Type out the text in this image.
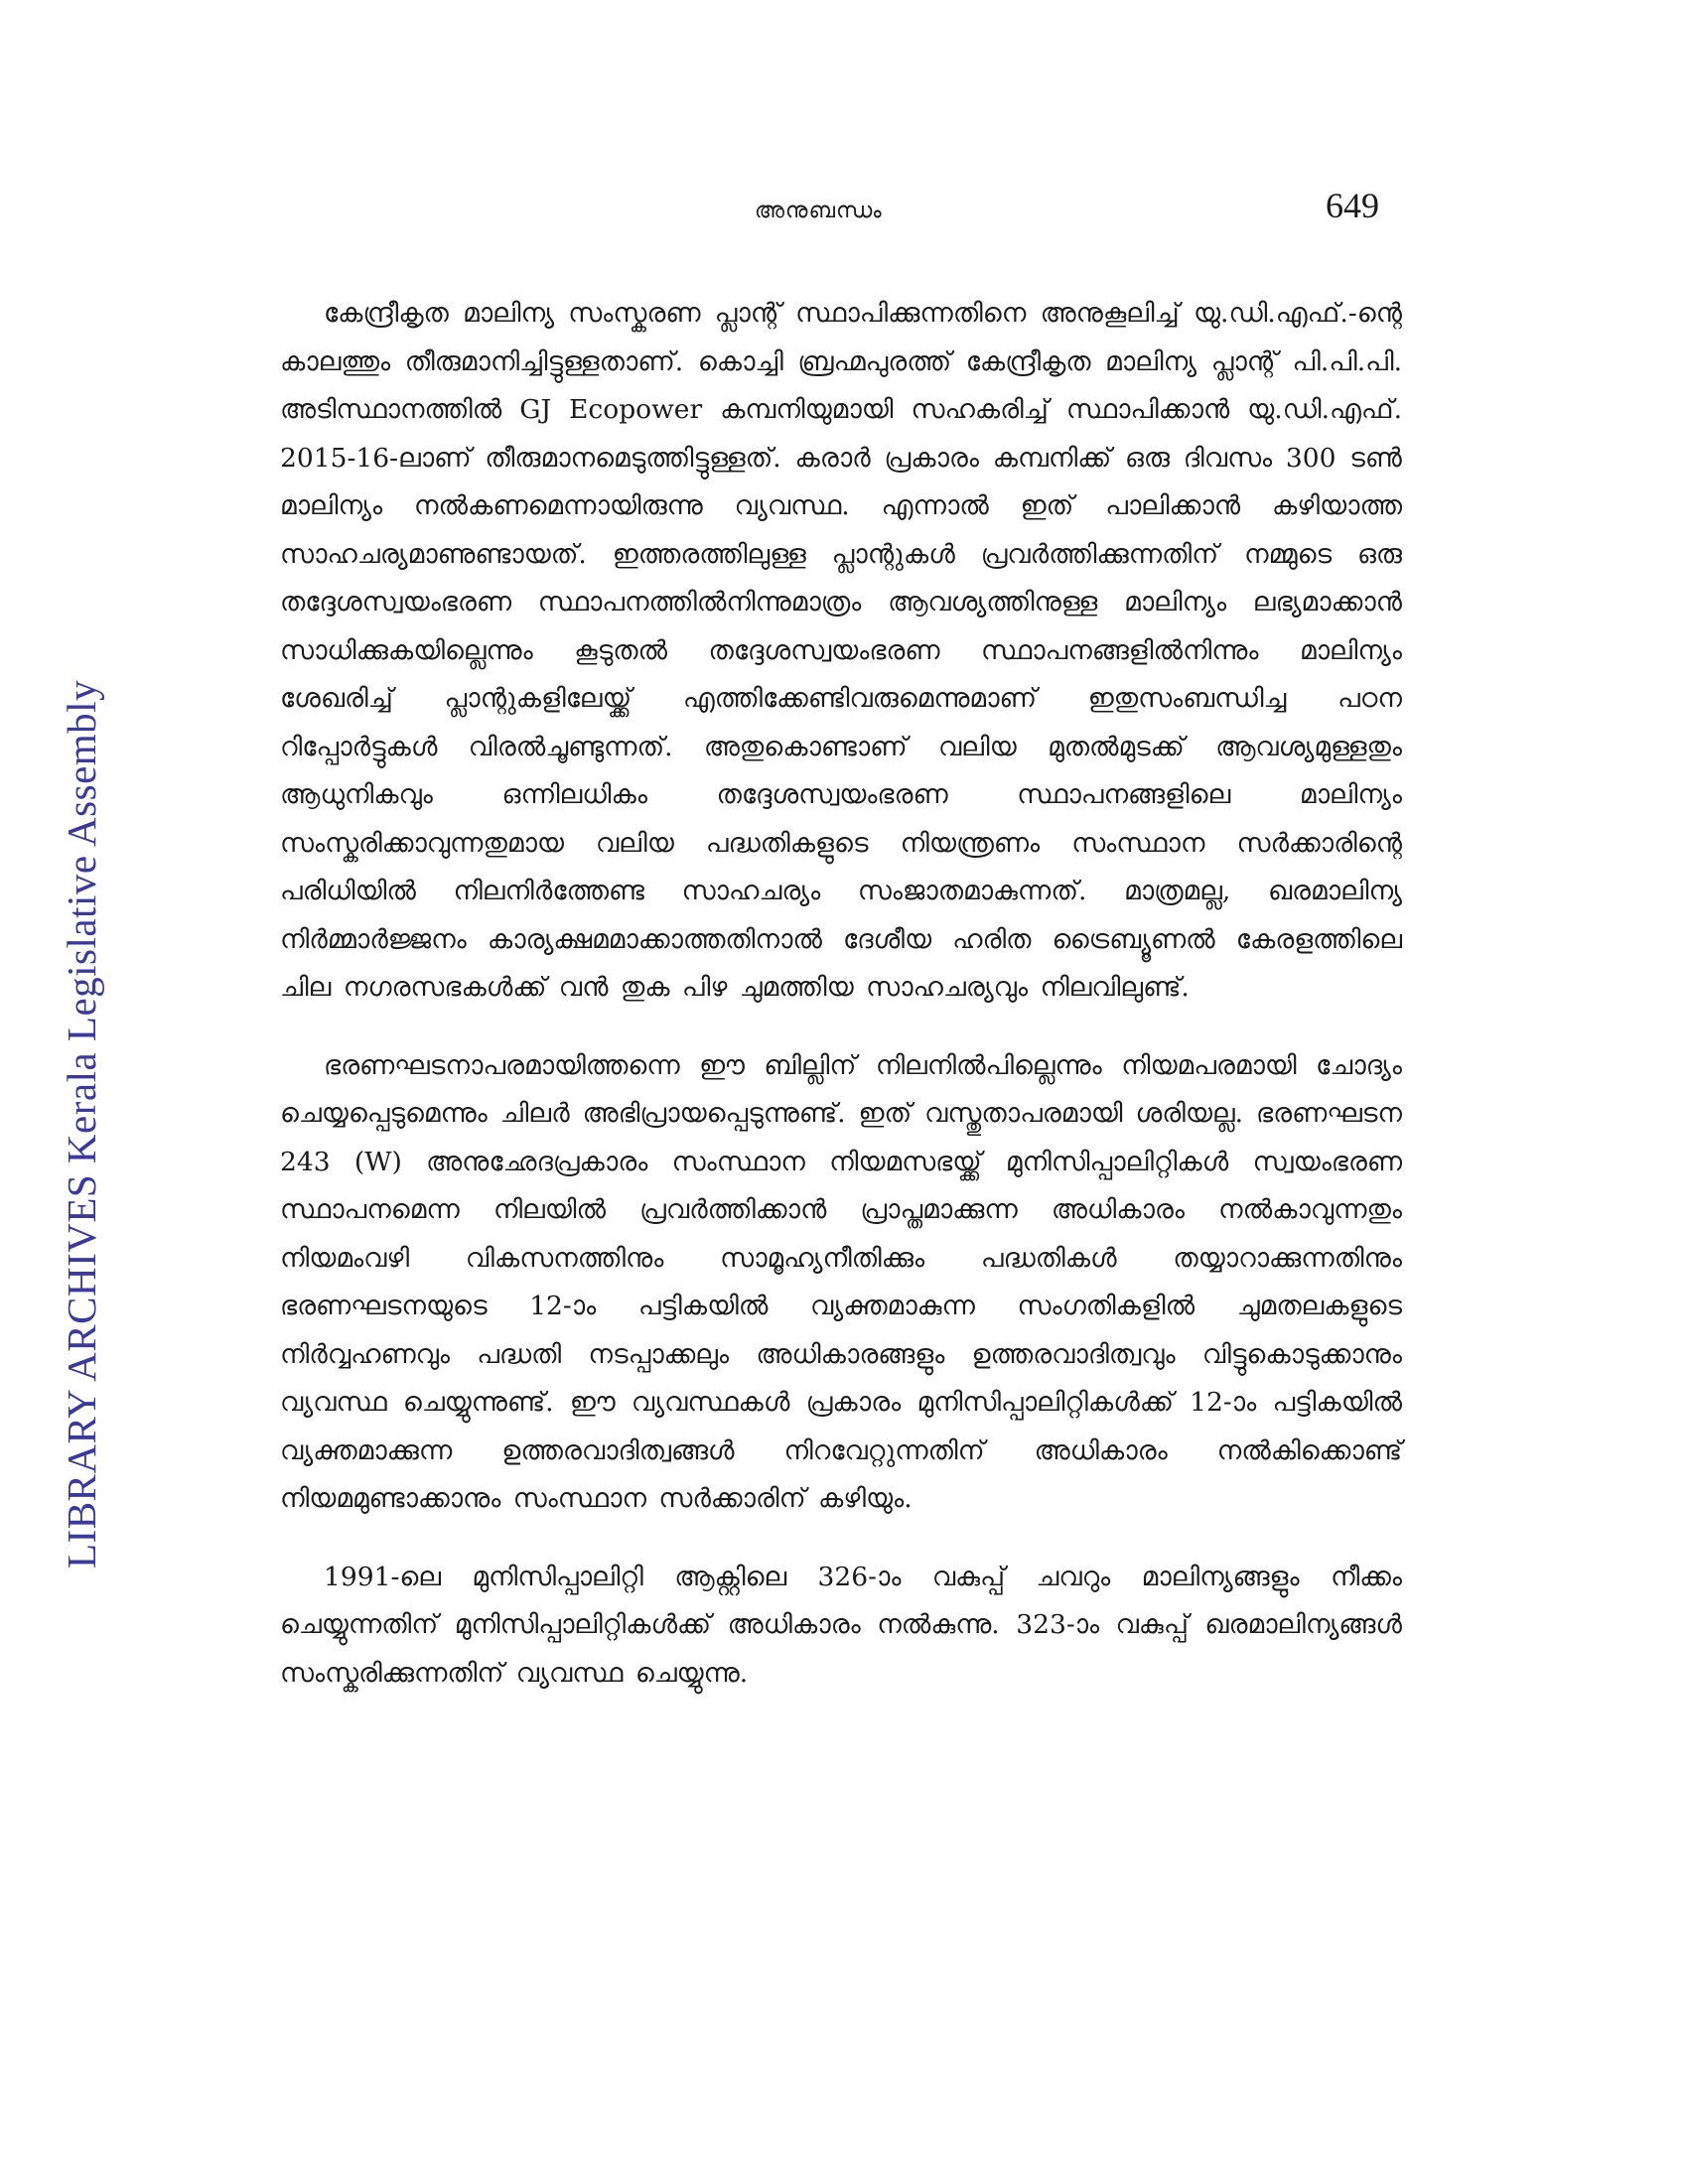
അനുബന്ധം	649
LIBRARY ARCHIVES Kerala Legislative Assembly

കേന്ദ്രീകൃത മാലിന്യ സംസ്കരണ പ്ലാന്റ് സ്ഥാപിക്കുന്നതിനെ അനുകൂലിച്ച് യു.ഡി.എഫ്.-ന്റെ കാലത്തും തീരുമാനിച്ചിട്ടുള്ളതാണ്. കൊച്ചി ബ്രഹ്മപുരത്ത് കേന്ദ്രീകൃത മാലിന്യ പ്ലാന്റ് പി.പി.പി. അടിസ്ഥാനത്തിൽ GJ Ecopower കമ്പനിയുമായി സഹകരിച്ച് സ്ഥാപിക്കാൻ യു.ഡി.എഫ്. 2015-16-ലാണ് തീരുമാനമെടുത്തിട്ടുള്ളത്. കരാർ പ്രകാരം കമ്പനിക്ക് ഒരു ദിവസം 300 ടൺ മാലിന്യം നൽകണമെന്നായിരുന്നു വ്യവസ്ഥ. എന്നാൽ ഇത് പാലിക്കാൻ കഴിയാത്ത സാഹചര്യമാണുണ്ടായത്. ഇത്തരത്തിലുള്ള പ്ലാന്റുകൾ പ്രവർത്തിക്കുന്നതിന് നമ്മുടെ ഒരു തദ്ദേശസ്വയംഭരണ സ്ഥാപനത്തിൽനിന്നുമാത്രം ആവശ്യത്തിനുള്ള മാലിന്യം ലഭ്യമാക്കാൻ സാധിക്കുകയില്ലെന്നും കൂടുതൽ തദ്ദേശസ്വയംഭരണ സ്ഥാപനങ്ങളിൽനിന്നും മാലിന്യം ശേഖരിച്ച് പ്ലാന്റുകളിലേയ്ക്ക് എത്തിക്കേണ്ടിവരുമെന്നുമാണ് ഇതുസംബന്ധിച്ച പഠന റിപ്പോർട്ടുകൾ വിരൽചൂണ്ടുന്നത്. അതുകൊണ്ടാണ് വലിയ മുതൽമുടക്ക് ആവശ്യമുള്ളതും ആധുനികവും ഒന്നിലധികം തദ്ദേശസ്വയംഭരണ സ്ഥാപനങ്ങളിലെ മാലിന്യം സംസ്കരിക്കാവുന്നതുമായ വലിയ പദ്ധതികളുടെ നിയന്ത്രണം സംസ്ഥാന സർക്കാരിന്റെ പരിധിയിൽ നിലനിർത്തേണ്ട സാഹചര്യം സംജാതമാകുന്നത്. മാത്രമല്ല, ഖരമാലിന്യ നിർമ്മാർജ്ജനം കാര്യക്ഷമമാക്കാത്തതിനാൽ ദേശീയ ഹരിത ട്രൈബ്യൂണൽ കേരളത്തിലെ ചില നഗരസഭകൾക്ക് വൻ തുക പിഴ ചുമത്തിയ സാഹചര്യവും നിലവിലുണ്ട്.

ഭരണഘടനാപരമായിത്തന്നെ ഈ ബില്ലിന് നിലനിൽപില്ലെന്നും നിയമപരമായി ചോദ്യം ചെയ്യപ്പെടുമെന്നും ചിലർ അഭിപ്രായപ്പെടുന്നുണ്ട്. ഇത് വസ്തുതാപരമായി ശരിയല്ല. ഭരണഘടന 243 (W) അനുഛേദപ്രകാരം സംസ്ഥാന നിയമസഭയ്ക്ക് മുനിസിപ്പാലിറ്റികൾ സ്വയംഭരണ സ്ഥാപനമെന്ന നിലയിൽ പ്രവർത്തിക്കാൻ പ്രാപ്തമാക്കുന്ന അധികാരം നൽകാവുന്നതും നിയമംവഴി വികസനത്തിനും സാമൂഹ്യനീതിക്കും പദ്ധതികൾ തയ്യാറാക്കുന്നതിനും ഭരണഘടനയുടെ 12-ാം പട്ടികയിൽ വ്യക്തമാകുന്ന സംഗതികളിൽ ചുമതലകളുടെ നിർവ്വഹണവും പദ്ധതി നടപ്പാക്കലും അധികാരങ്ങളും ഉത്തരവാദിത്വവും വിട്ടുകൊടുക്കാനും വ്യവസ്ഥ ചെയ്യുന്നുണ്ട്. ഈ വ്യവസ്ഥകൾ പ്രകാരം മുനിസിപ്പാലിറ്റികൾക്ക് 12-ാം പട്ടികയിൽ വ്യക്തമാക്കുന്ന ഉത്തരവാദിത്വങ്ങൾ നിറവേറ്റുന്നതിന് അധികാരം നൽകിക്കൊണ്ട് നിയമമുണ്ടാക്കാനും സംസ്ഥാന സർക്കാരിന് കഴിയും.

1991-ലെ മുനിസിപ്പാലിറ്റി ആക്റ്റിലെ 326-ാം വകുപ്പ് ചവറും മാലിന്യങ്ങളും നീക്കം ചെയ്യുന്നതിന് മുനിസിപ്പാലിറ്റികൾക്ക് അധികാരം നൽകുന്നു. 323-ാം വകുപ്പ് ഖരമാലിന്യങ്ങൾ സംസ്കരിക്കുന്നതിന് വ്യവസ്ഥ ചെയ്യുന്നു.
